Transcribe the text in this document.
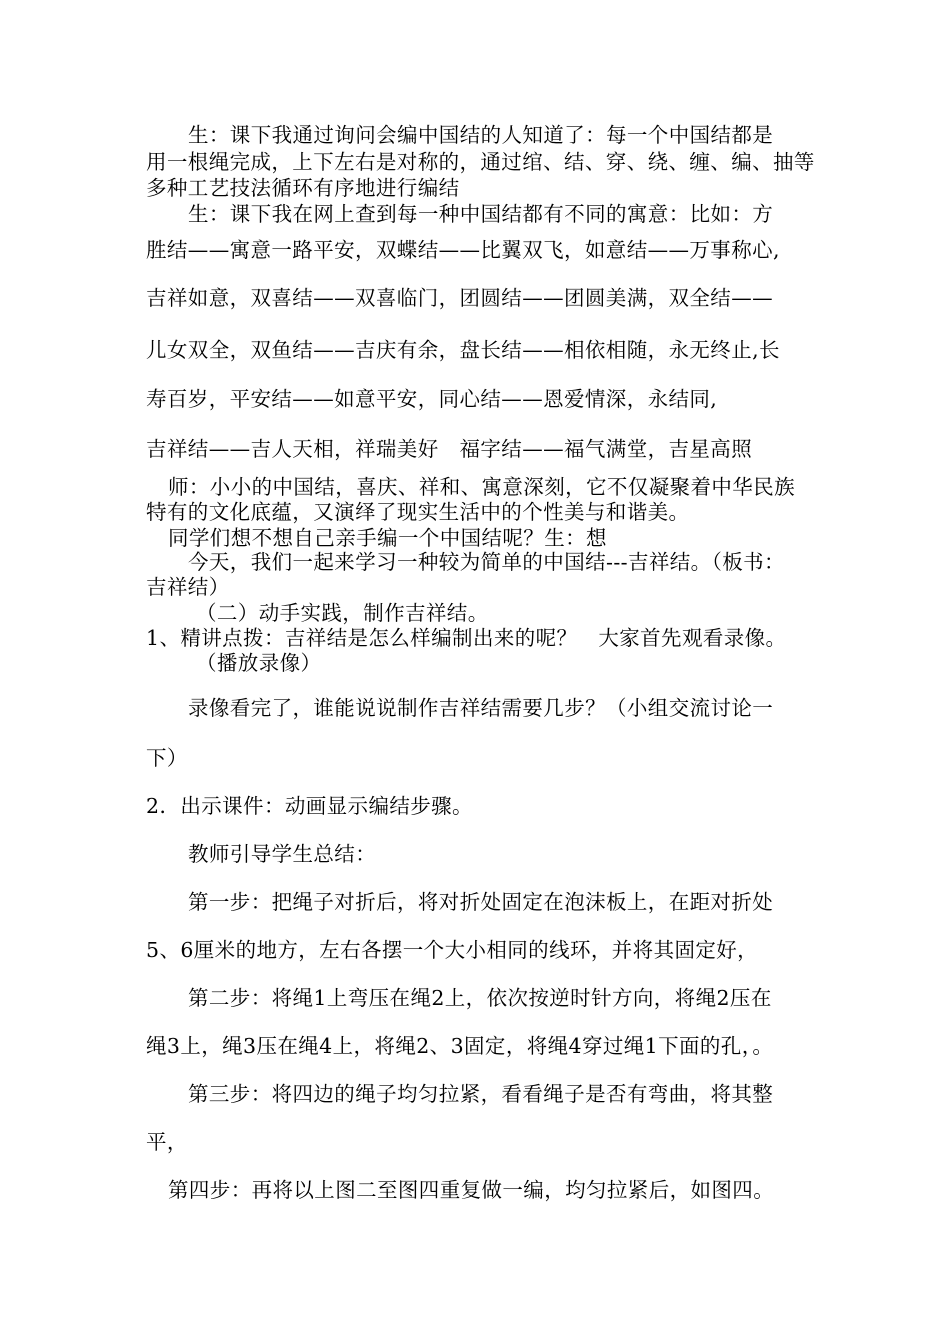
生：课下我通过询问会编中国结的人知道了：每一个中国结都是
用一根绳完成，上下左右是对称的，通过绾、结、穿、绕、缠、编、抽等
多种工艺技法循环有序地进行编结
生：课下我在网上查到每一种中国结都有不同的寓意：比如：方
胜结——寓意一路平安，双蝶结——比翼双飞，如意结——万事称心,
吉祥如意，双喜结——双喜临门，团圆结——团圆美满，双全结——
儿女双全，双鱼结——吉庆有余，盘长结——相依相随，永无终止,长
寿百岁，平安结——如意平安，同心结——恩爱情深，永结同,
吉祥结——吉人天相，祥瑞美好　福字结——福气满堂，吉星高照
师：小小的中国结，喜庆、祥和、寓意深刻，它不仅凝聚着中华民族
特有的文化底蕴，又演绎了现实生活中的个性美与和谐美。
同学们想不想自己亲手编一个中国结呢？生：想
今天，我们一起来学习一种较为简单的中国结---吉祥结。（板书：
吉祥结）
（二）动手实践，制作吉祥结。
1、精讲点拨：吉祥结是怎么样编制出来的呢？　大家首先观看录像。
（播放录像）
录像看完了，谁能说说制作吉祥结需要几步？（小组交流讨论一
下）
2．出示课件：动画显示编结步骤。
教师引导学生总结：
第一步：把绳子对折后，将对折处固定在泡沫板上，在距对折处
5、6厘米的地方，左右各摆一个大小相同的线环，并将其固定好，
第二步：将绳1上弯压在绳2上，依次按逆时针方向，将绳2压在
绳3上，绳3压在绳4上，将绳2、3固定，将绳4穿过绳1下面的孔，。
第三步：将四边的绳子均匀拉紧，看看绳子是否有弯曲，将其整
平，
第四步：再将以上图二至图四重复做一编，均匀拉紧后，如图四。
